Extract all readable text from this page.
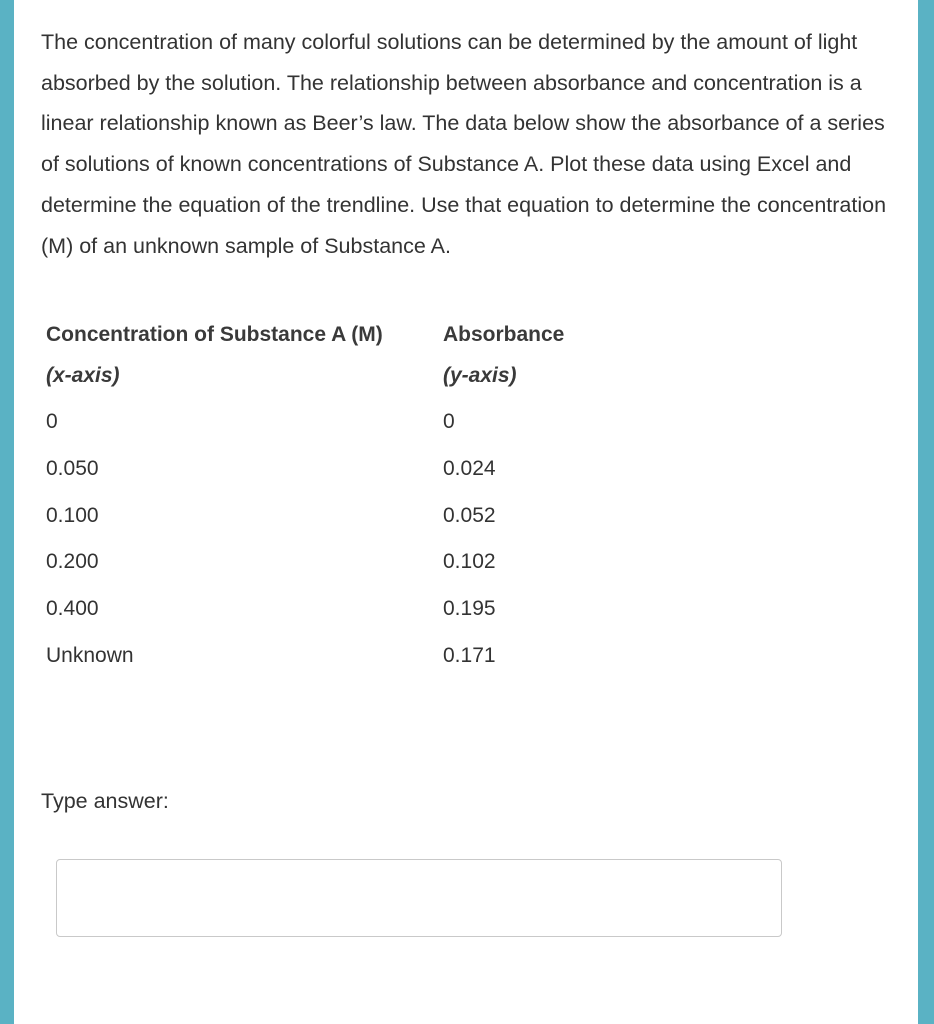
The concentration of many colorful solutions can be determined by the amount of light absorbed by the solution. The relationship between absorbance and concentration is a linear relationship known as Beer’s law. The data below show the absorbance of a series of solutions of known concentrations of Substance A. Plot these data using Excel and determine the equation of the trendline. Use that equation to determine the concentration (M) of an unknown sample of Substance A.

Concentration of Substance A (M)	Absorbance
(x-axis)	(y-axis)
0	0
0.050	0.024
0.100	0.052
0.200	0.102
0.400	0.195
Unknown	0.171
Type answer:
